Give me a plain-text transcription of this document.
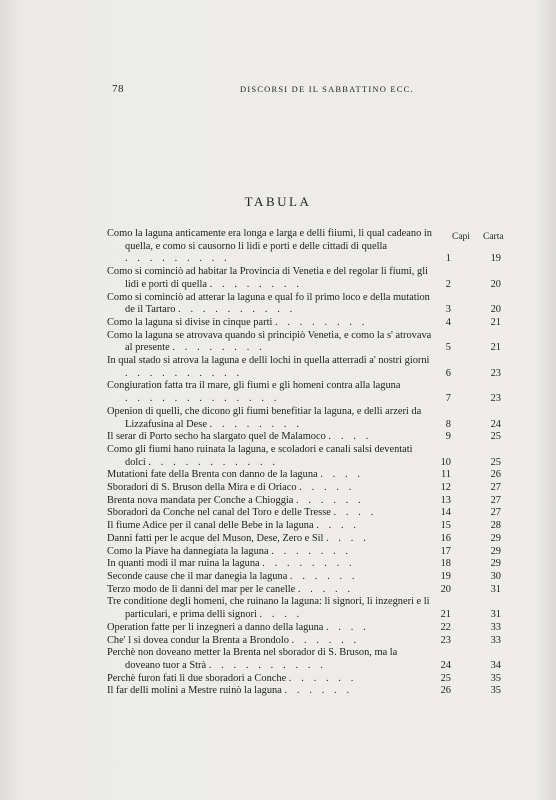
78	DISCORSI DE IL SABBATTINO ECC.
TABULA
Capi Carta
Como la laguna anticamente era longa e larga e delli fiiumi, li qual cadeano in quella, e como si causorno li lidi e porti e delle cittadi di quella . . . . . . . . .	1	19
Como si cominciò ad habitar la Provincia di Venetia e del regolar li fiumi, gli lidi e porti di quella . . . . . . . .	2	20
Como si cominciò ad atterar la laguna e qual fo il primo loco e della mutation de il Tartaro . . . . . . . . . .	3	20
Como la laguna si divise in cinque parti . . . . . . . .	4	21
Como la laguna se atrovava quando si principiò Venetia, e como la s' atrovava al presente . . . . . . . .	5	21
In qual stado si atrova la laguna e delli lochi in quella atterradi a' nostri giorni . . . . . . . . . .	6	23
Congiuration fatta tra il mare, gli fiumi e gli homeni contra alla laguna . . . . . . . . . . . . .	7	23
Openion di quelli, che dicono gli fiumi benefitiar la laguna, e delli arzeri da Lizzafusina al Dese . . . . . . . .	8	24
Il serar di Porto secho ha slargato quel de Malamoco . . . .	9	25
Como gli fiumi hano ruinata la laguna, e scoladori e canali salsi deventati dolci . . . . . . . . . . .	10	25
Mutationi fate della Brenta con danno de la laguna . . . .	11	26
Sboradori di S. Bruson della Mira e di Oriaco . . . . .	12	27
Brenta nova mandata per Conche a Chioggia . . . . . .	13	27
Sboradori da Conche nel canal del Toro e delle Tresse . . . .	14	27
Il fiume Adice per il canal delle Bebe in la laguna . . . .	15	28
Danni fatti per le acque del Muson, Dese, Zero e Sil . . . .	16	29
Como la Piave ha dannegiata la laguna . . . . . . .	17	29
In quanti modi il mar ruina la laguna . . . . . . . .	18	29
Seconde cause che il mar danegia la laguna . . . . . .	19	30
Terzo modo de li danni del mar per le canelle . . . . .	20	31
Tre conditione degli homeni, che ruinano la laguna: li signori, li inzegneri e li particulari, e prima delli signori . . . .	21	31
Operation fatte per li inzegneri a danno della laguna . . . .	22	33
Che' l si dovea condur la Brenta a Brondolo . . . . . .	23	33
Perchè non doveano metter la Brenta nel sborador di S. Bruson, ma la doveano tuor a Strà . . . . . . . . . .	24	34
Perchè furon fati li due sboradori a Conche . . . . . .	25	35
Il far delli molini a Mestre ruinò la laguna . . . . . .	26	35
